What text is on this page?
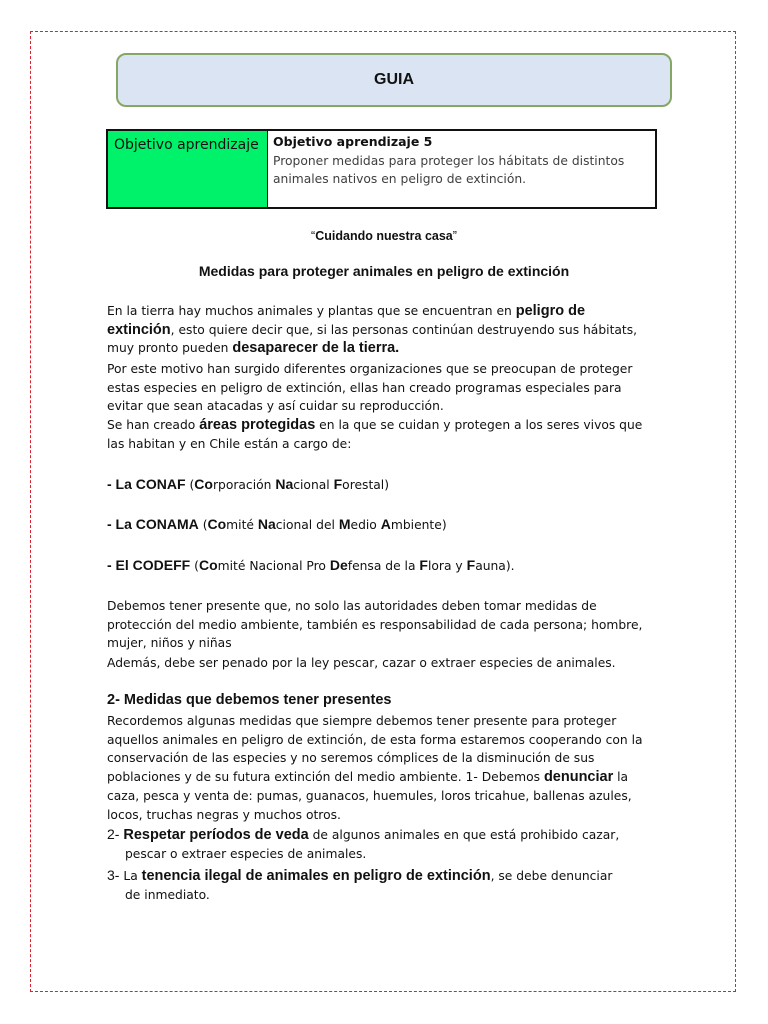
GUIA
Objetivo aprendizaje	Objetivo aprendizaje 5
Proponer medidas para proteger los hábitats de distintos animales nativos en peligro de extinción.
“Cuidando nuestra casa”
Medidas para proteger animales en peligro de extinción
En la tierra hay muchos animales y plantas que se encuentran en peligro de extinción, esto quiere decir que, si las personas continúan destruyendo sus hábitats, muy pronto pueden desaparecer de la tierra.
Por este motivo han surgido diferentes organizaciones que se preocupan de proteger estas especies en peligro de extinción, ellas han creado programas especiales para evitar que sean atacadas y así cuidar su reproducción.
Se han creado áreas protegidas en la que se cuidan y protegen a los seres vivos que las habitan y en Chile están a cargo de:
- La CONAF (Corporación Nacional Forestal)
- La CONAMA (Comité Nacional del Medio Ambiente)
- El CODEFF (Comité Nacional Pro Defensa de la Flora y Fauna).
Debemos tener presente que, no solo las autoridades deben tomar medidas de protección del medio ambiente, también es responsabilidad de cada persona; hombre, mujer, niños y niñas
Además, debe ser penado por la ley pescar, cazar o extraer especies de animales.
2- Medidas que debemos tener presentes
Recordemos algunas medidas que siempre debemos tener presente para proteger aquellos animales en peligro de extinción, de esta forma estaremos cooperando con la conservación de las especies y no seremos cómplices de la disminución de sus poblaciones y de su futura extinción del medio ambiente. 1- Debemos denunciar la caza, pesca y venta de: pumas, guanacos, huemules, loros tricahue, ballenas azules, locos, truchas negras y muchos otros.
2- Respetar períodos de veda de algunos animales en que está prohibido cazar,
pescar o extraer especies de animales.
3- La tenencia ilegal de animales en peligro de extinción, se debe denunciar
de inmediato.
